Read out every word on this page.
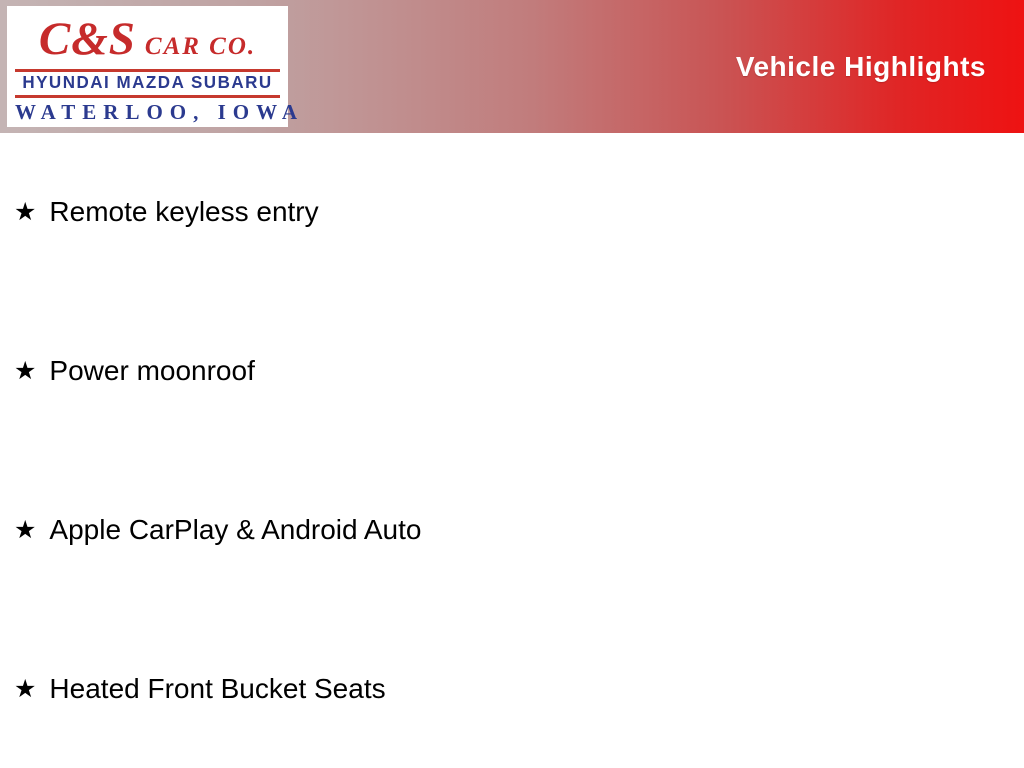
Vehicle Highlights
C&S CAR CO.
HYUNDAI MAZDA SUBARU
WATERLOO, IOWA
★ Remote keyless entry
★ Power moonroof
★ Apple CarPlay & Android Auto
★ Heated Front Bucket Seats
